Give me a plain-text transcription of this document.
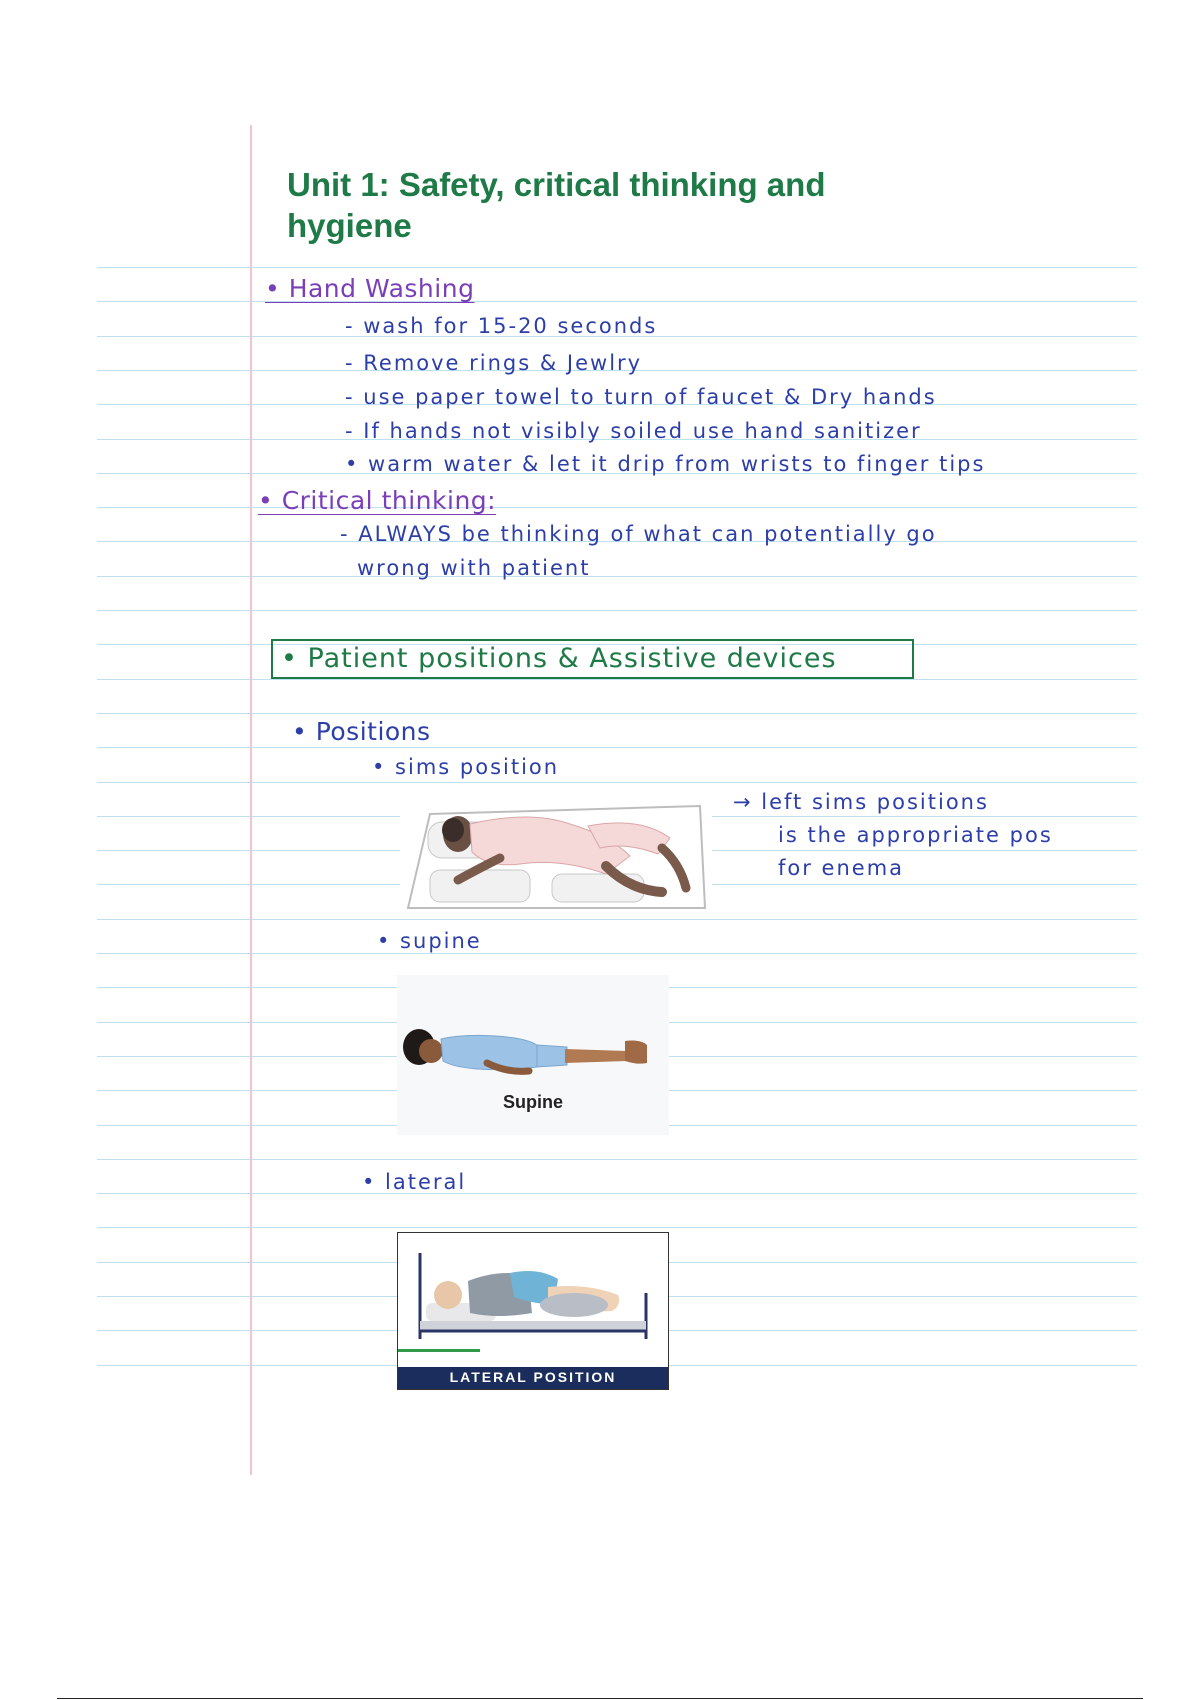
Unit 1: Safety, critical thinking and hygiene
• Hand Washing
- wash for 15-20 seconds
- Remove rings & Jewlry
- use paper towel to turn of faucet & Dry hands
- If hands not visibly soiled use hand sanitizer
• warm water & let it drip from wrists to finger tips
• Critical thinking:
- ALWAYS be thinking of what can potentially go
wrong with patient
• Patient positions & Assistive devices
• Positions
• sims position
→ left sims positions
is the appropriate pos
for enema
• supine
Supine
• lateral
LATERAL POSITION
